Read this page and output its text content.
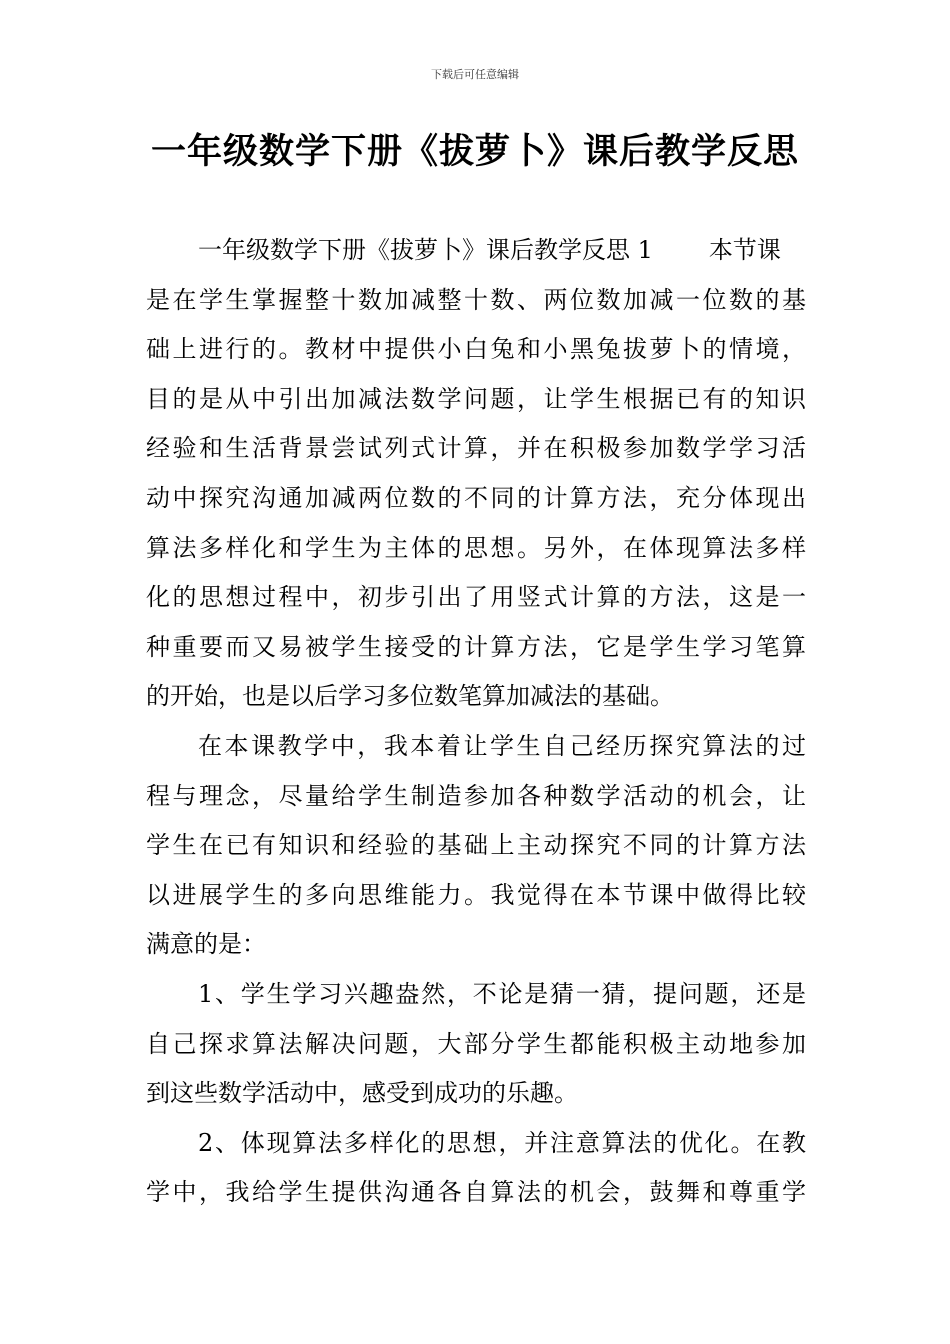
下载后可任意编辑
一年级数学下册《拔萝卜》课后教学反思
一年级数学下册《拔萝卜》课后教学反思 1 本节课
是在学生掌握整十数加减整十数、两位数加减一位数的基
础上进行的。教材中提供小白兔和小黑兔拔萝卜的情境，
目的是从中引出加减法数学问题，让学生根据已有的知识
经验和生活背景尝试列式计算，并在积极参加数学学习活
动中探究沟通加减两位数的不同的计算方法，充分体现出
算法多样化和学生为主体的思想。另外，在体现算法多样
化的思想过程中，初步引出了用竖式计算的方法，这是一
种重要而又易被学生接受的计算方法，它是学生学习笔算
的开始，也是以后学习多位数笔算加减法的基础。
在本课教学中，我本着让学生自己经历探究算法的过
程与理念，尽量给学生制造参加各种数学活动的机会，让
学生在已有知识和经验的基础上主动探究不同的计算方法
以进展学生的多向思维能力。我觉得在本节课中做得比较
满意的是：
1、学生学习兴趣盎然，不论是猜一猜，提问题，还是
自己探求算法解决问题，大部分学生都能积极主动地参加
到这些数学活动中，感受到成功的乐趣。
2、体现算法多样化的思想，并注意算法的优化。在教
学中，我给学生提供沟通各自算法的机会，鼓舞和尊重学
